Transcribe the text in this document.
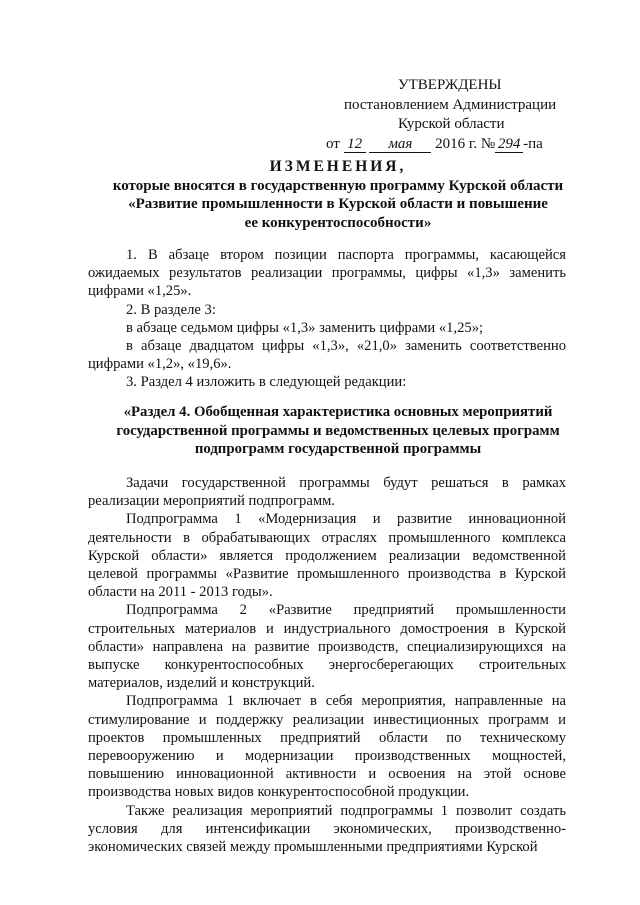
УТВЕРЖДЕНЫ
постановлением Администрации
Курской области
от 12 мая 2016 г. № 294 -па
ИЗМЕНЕНИЯ,
которые вносятся в государственную программу Курской области
«Развитие промышленности в Курской области и повышение
ее конкурентоспособности»

1. В абзаце втором позиции паспорта программы, касающейся ожидаемых результатов реализации программы, цифры «1,3» заменить цифрами «1,25».

2. В разделе 3:

в абзаце седьмом цифры «1,3» заменить цифрами «1,25»;

в абзаце двадцатом цифры «1,3», «21,0» заменить соответственно цифрами «1,2», «19,6».

3. Раздел 4 изложить в следующей редакции:

«Раздел 4. Обобщенная характеристика основных мероприятий
государственной программы и ведомственных целевых программ
подпрограмм государственной программы

Задачи государственной программы будут решаться в рамках реализации мероприятий подпрограмм.

Подпрограмма 1 «Модернизация и развитие инновационной деятельности в обрабатывающих отраслях промышленного комплекса Курской области» является продолжением реализации ведомственной целевой программы «Развитие промышленного производства в Курской области на 2011 - 2013 годы».

Подпрограмма 2 «Развитие предприятий промышленности строительных материалов и индустриального домостроения в Курской области» направлена на развитие производств, специализирующихся на выпуске конкурентоспособных энергосберегающих строительных материалов, изделий и конструкций.

Подпрограмма 1 включает в себя мероприятия, направленные на стимулирование и поддержку реализации инвестиционных программ и проектов промышленных предприятий области по техническому перевооружению и модернизации производственных мощностей, повышению инновационной активности и освоения на этой основе производства новых видов конкурентоспособной продукции.

Также реализация мероприятий подпрограммы 1 позволит создать условия для интенсификации экономических, производственно-экономических связей между промышленными предприятиями Курской
